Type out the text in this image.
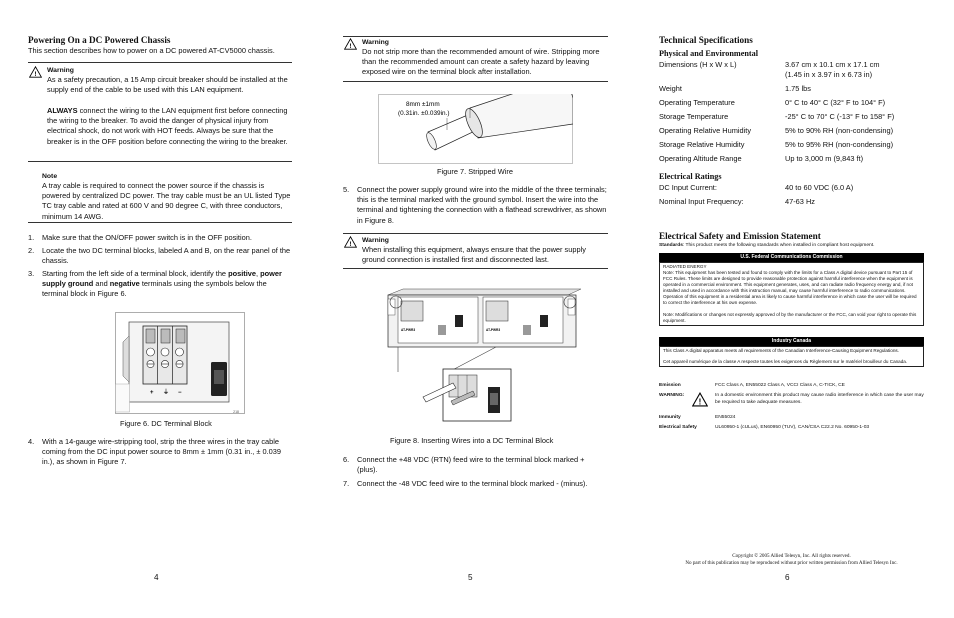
Powering On a DC Powered Chassis
This section describes how to power on a DC powered AT-CV5000 chassis.
!
Warning
As a safety precaution, a 15 Amp circuit breaker should be installed at the supply end of the cable to be used with this LAN equipment.
ALWAYS connect the wiring to the LAN equipment first before connecting the wiring to the breaker. To avoid the danger of physical injury from electrical shock, do not work with HOT feeds. Always be sure that the breaker is in the OFF position before connecting the wiring to the breaker.
Note
A tray cable is required to connect the power source if the chassis is powered by centralized DC power. The tray cable must be an UL listed Type TC tray cable and rated at 600 V and 90 degree C, with three conductors, minimum 14 AWG.
1. Make sure that the ON/OFF power switch is in the OFF position.
2. Locate the two DC terminal blocks, labeled A and B, on the rear panel of the chassis.
3. Starting from the left side of a terminal block, identify the positive, power supply ground and negative terminals using the symbols below the terminal block in Figure 6.
+ ⏚ −
218
Figure 6. DC Terminal Block
4. With a 14-gauge wire-stripping tool, strip the three wires in the tray cable coming from the DC input power source to 8mm ± 1mm (0.31 in., ± 0.039 in.), as shown in Figure 7.
4
!
Warning
Do not strip more than the recommended amount of wire. Stripping more than the recommended amount can create a safety hazard by leaving exposed wire on the terminal block after installation.
8mm ±1mm
(0.31in. ±0.039in.)
Figure 7. Stripped Wire
5. Connect the power supply ground wire into the middle of the three terminals; this is the terminal marked with the ground symbol. Insert the wire into the terminal and tightening the connection with a flathead screwdriver, as shown in Figure 8.
!
Warning
When installing this equipment, always ensure that the power supply ground connection is installed first and disconnected last.
AT-PWR3	AT-PWR3
Figure 8. Inserting Wires into a DC Terminal Block
6. Connect the +48 VDC (RTN) feed wire to the terminal block marked + (plus).
7. Connect the -48 VDC feed wire to the terminal block marked - (minus).
5
Technical Specifications
Physical and Environmental
Dimensions (H x W x L)	3.67 cm x 10.1 cm x 17.1 cm
(1.45 in x 3.97 in x 6.73 in)
Weight	1.75 lbs
Operating Temperature	0° C to 40° C (32° F to 104° F)
Storage Temperature	-25° C to 70° C (-13° F to 158° F)
Operating Relative Humidity	5% to 90% RH (non-condensing)
Storage Relative Humidity	5% to 95% RH (non-condensing)
Operating Altitude Range	Up to 3,000 m (9,843 ft)
Electrical Ratings
DC Input Current:	40 to 60 VDC (6.0 A)
Nominal Input Frequency:	47-63 Hz
Electrical Safety and Emission Statement
Standards: This product meets the following standards when installed in compliant host equipment.
U.S. Federal Communications Commission
RADIATED ENERGY
Note: This equipment has been tested and found to comply with the limits for a Class A digital device pursuant to Part 15 of FCC Rules. These limits are designed to provide reasonable protection against harmful interference when the equipment is operated in a commercial environment. This equipment generates, uses, and can radiate radio frequency energy and, if not installed and used in accordance with this instruction manual, may cause harmful interference to radio communications. Operation of this equipment in a residential area is likely to cause harmful interference in which case the user will be required to correct the interference at his own expense.
Note: Modifications or changes not expressly approved of by the manufacturer or the FCC, can void your right to operate this equipment.
Industry Canada
This Class A digital apparatus meets all requirements of the Canadian Interference-Causing Equipment Regulations.
Cet appareil numérique de la classe A respecte toutes les exigences du Règlement sur le matériel brouilleur du Canada.
Emission	FCC Class A, EN55022 Class A, VCCI Class A, C-TICK, CE
WARNING:
!
In a domestic environment this product may cause radio interference in which case the user may be required to take adequate measures.
Immunity	EN55024
Electrical Safety	UL60950-1 (cULus), EN60950 (TUV), CAN/CSA C22.2 No. 60950-1-03
6
Copyright © 2005 Allied Telesyn, Inc. All rights reserved.
No part of this publication may be reproduced without prior written permission from Allied Telesyn Inc.
